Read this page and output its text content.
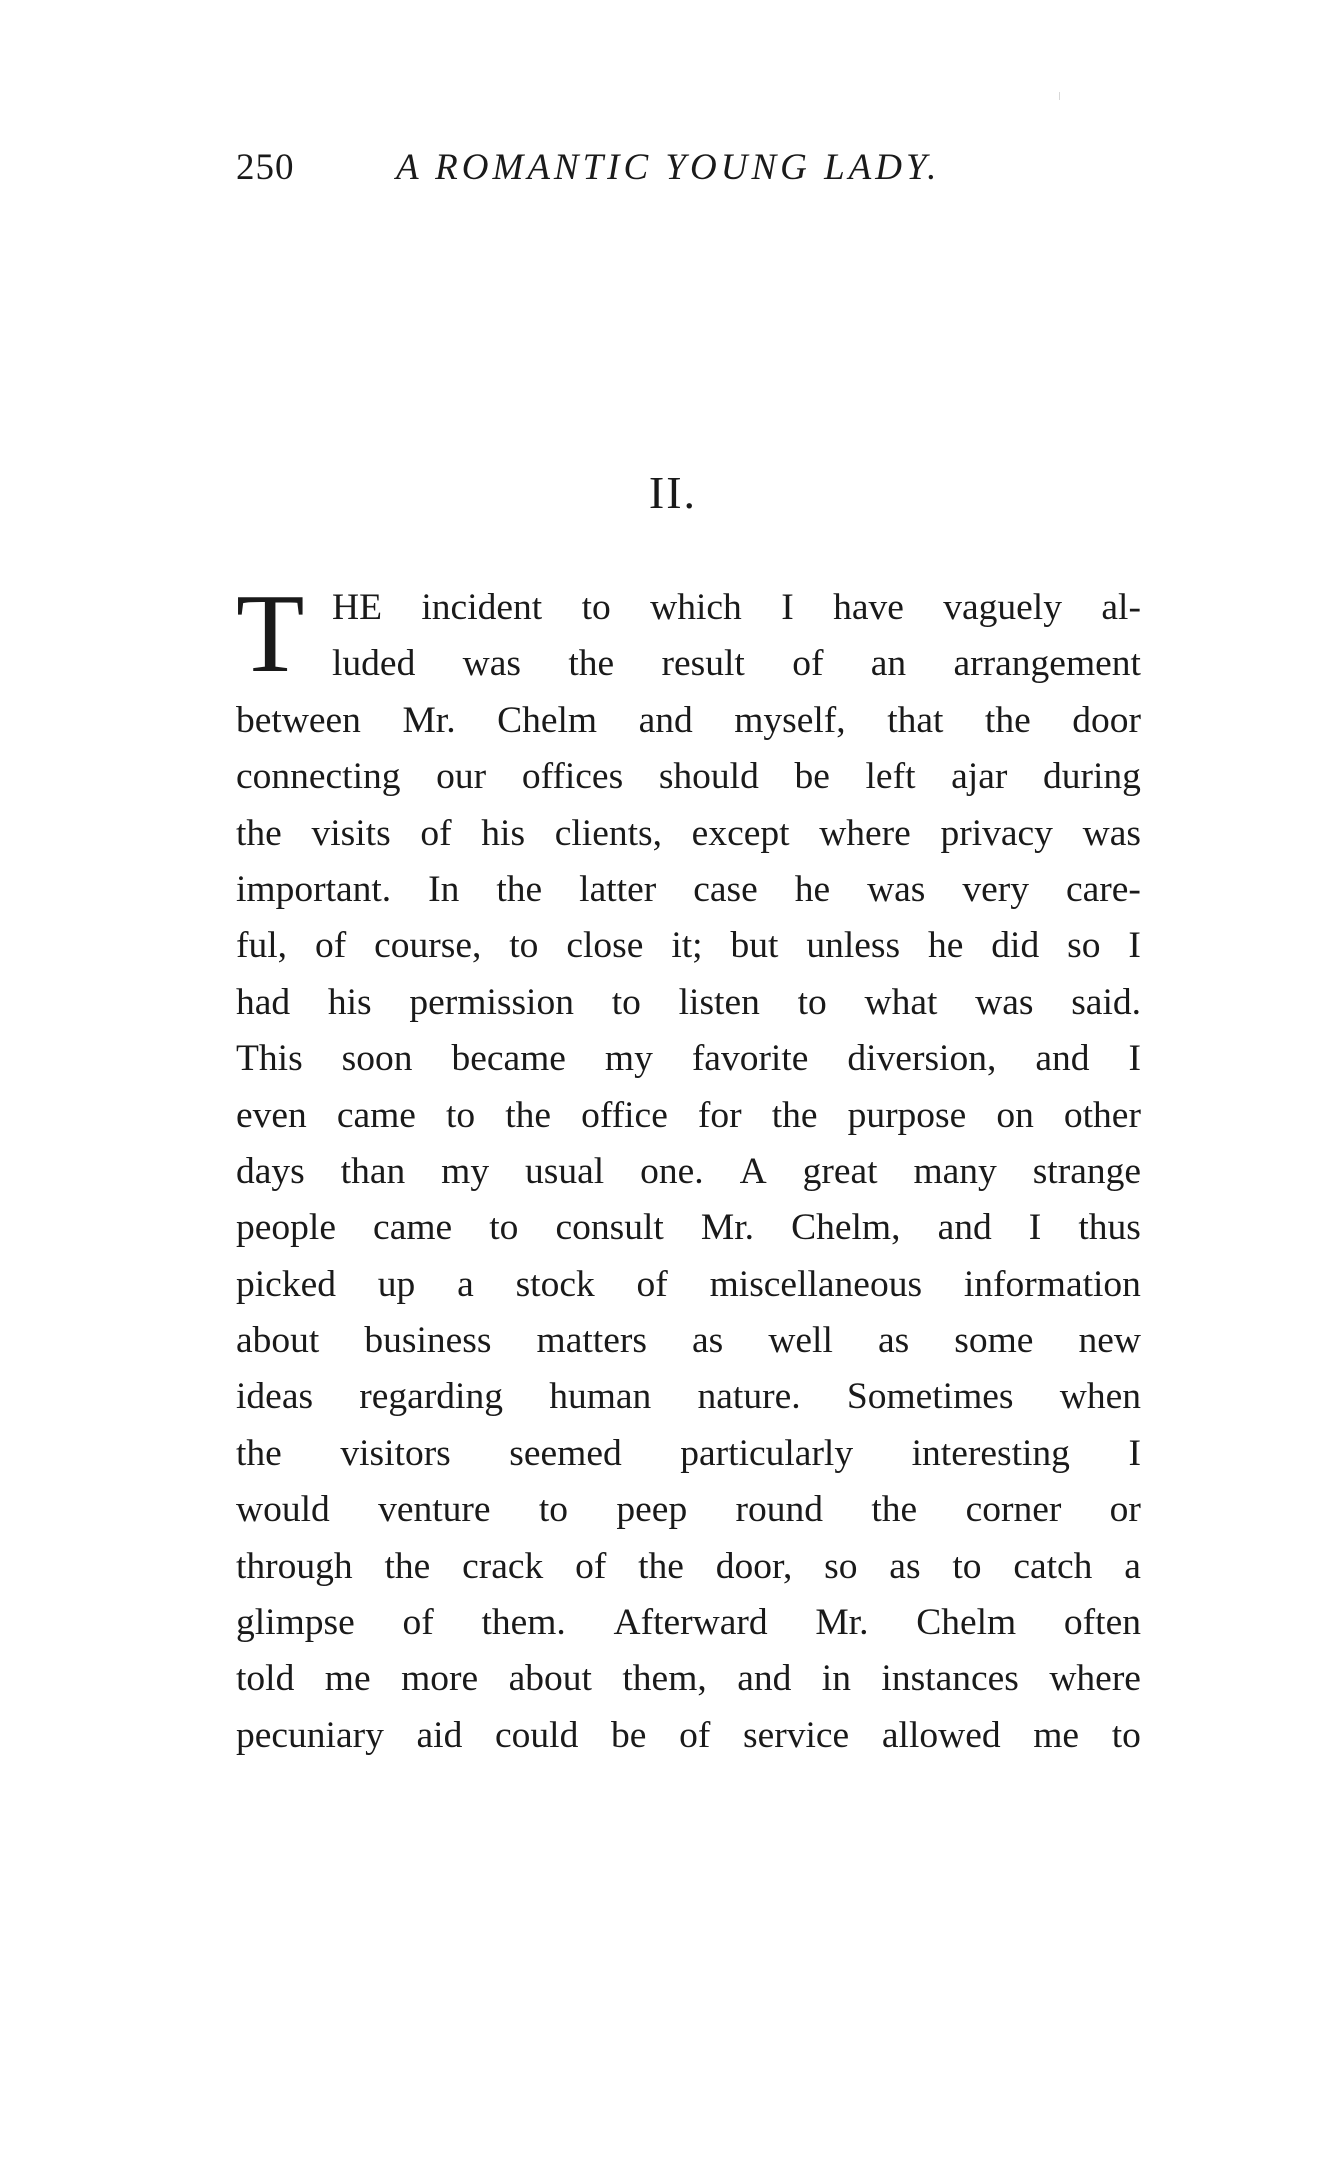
250	A ROMANTIC YOUNG LADY.
II.
T HE incident to which I have vaguely al-
luded was the result of an arrangement
between Mr. Chelm and myself, that the door
connecting our offices should be left ajar during
the visits of his clients, except where privacy was
important. In the latter case he was very care-
ful, of course, to close it; but unless he did so I
had his permission to listen to what was said.
This soon became my favorite diversion, and I
even came to the office for the purpose on other
days than my usual one. A great many strange
people came to consult Mr. Chelm, and I thus
picked up a stock of miscellaneous information
about business matters as well as some new
ideas regarding human nature. Sometimes when
the visitors seemed particularly interesting I
would venture to peep round the corner or
through the crack of the door, so as to catch a
glimpse of them. Afterward Mr. Chelm often
told me more about them, and in instances where
pecuniary aid could be of service allowed me to
